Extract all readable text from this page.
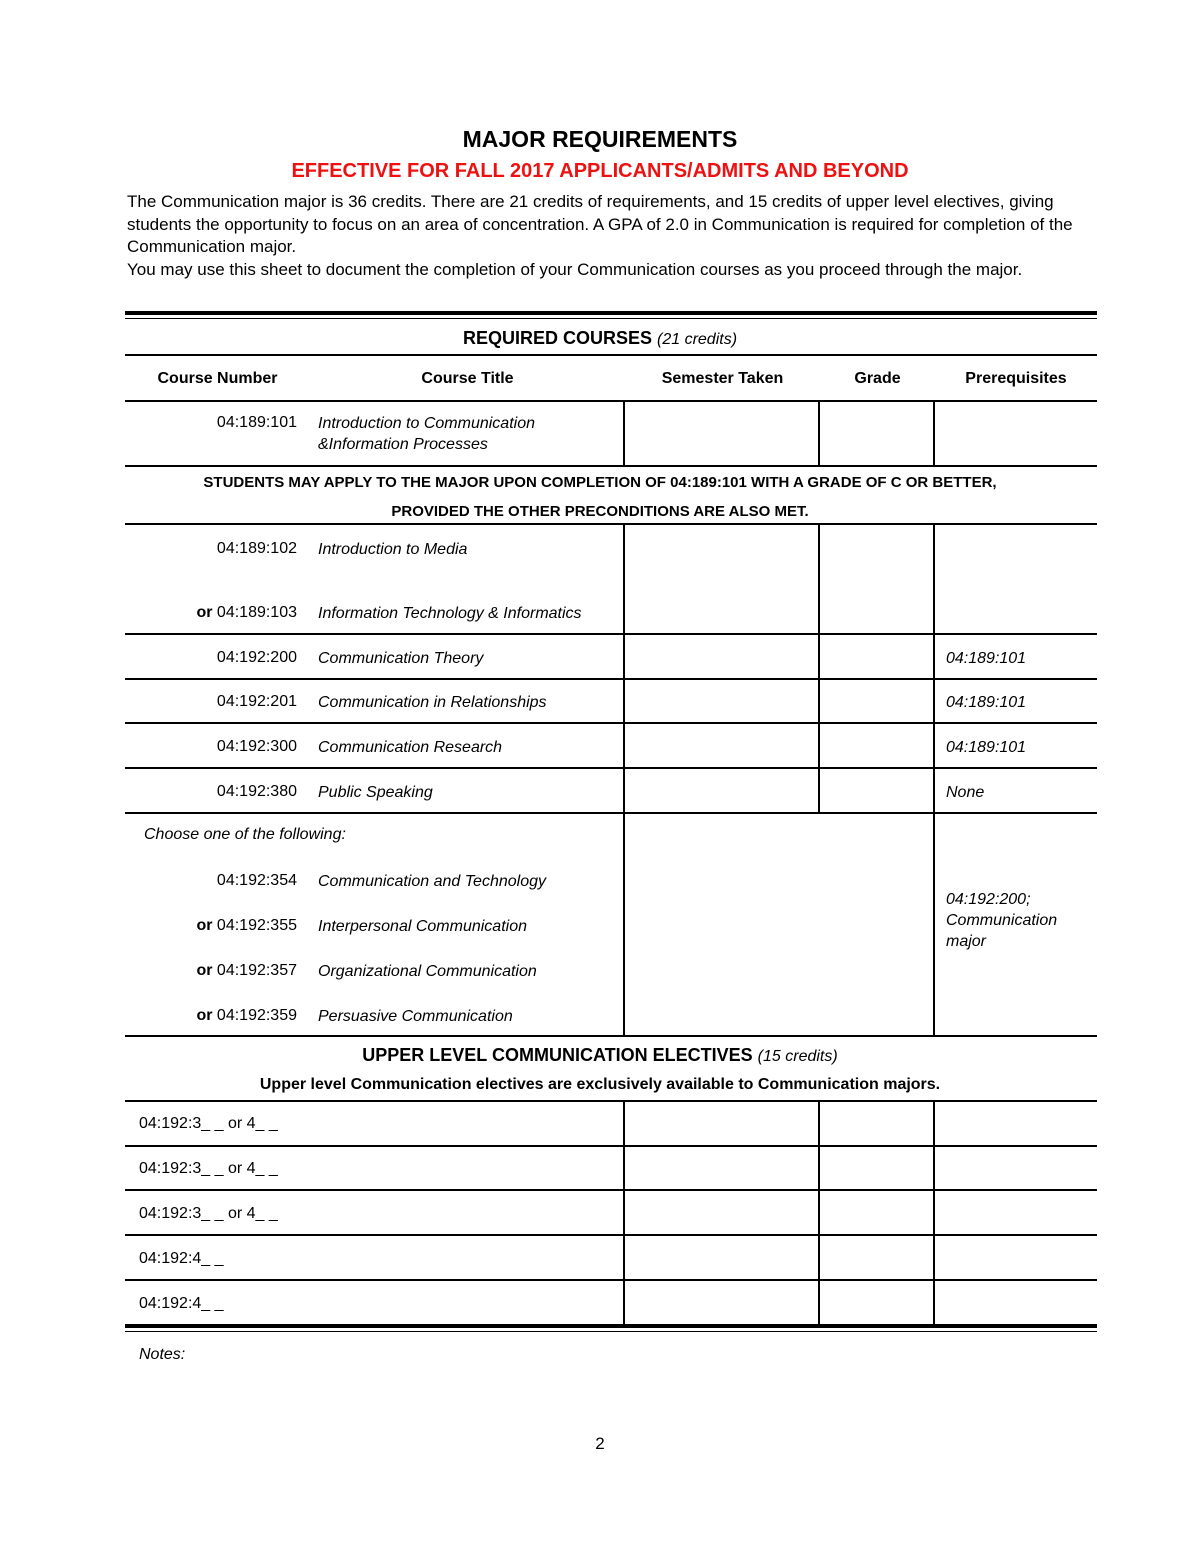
MAJOR REQUIREMENTS
EFFECTIVE FOR FALL 2017 APPLICANTS/ADMITS AND BEYOND

The Communication major is 36 credits. There are 21 credits of requirements, and 15 credits of upper level electives, giving students the opportunity to focus on an area of concentration. A GPA of 2.0 in Communication is required for completion of the Communication major.

You may use this sheet to document the completion of your Communication courses as you proceed through the major.

REQUIRED COURSES (21 credits)
Course Number	Course Title	Semester Taken	Grade	Prerequisites
04:189:101 Introduction to Communication &Information Processes
STUDENTS MAY APPLY TO THE MAJOR UPON COMPLETION OF 04:189:101 WITH A GRADE OF C OR BETTER,
PROVIDED THE OTHER PRECONDITIONS ARE ALSO MET.
04:189:102 Introduction to Media
or 04:189:103 Information Technology & Informatics
04:192:200 Communication Theory	04:189:101
04:192:201 Communication in Relationships	04:189:101
04:192:300 Communication Research	04:189:101
04:192:380 Public Speaking	None
Choose one of the following:
04:192:354 Communication and Technology
or 04:192:355 Interpersonal Communication
or 04:192:357 Organizational Communication
or 04:192:359 Persuasive Communication
04:192:200; Communication major
UPPER LEVEL COMMUNICATION ELECTIVES (15 credits)
Upper level Communication electives are exclusively available to Communication majors.
04:192:3_ _ or 4_ _
04:192:3_ _ or 4_ _
04:192:3_ _ or 4_ _
04:192:4_ _
04:192:4_ _
Notes:
2
